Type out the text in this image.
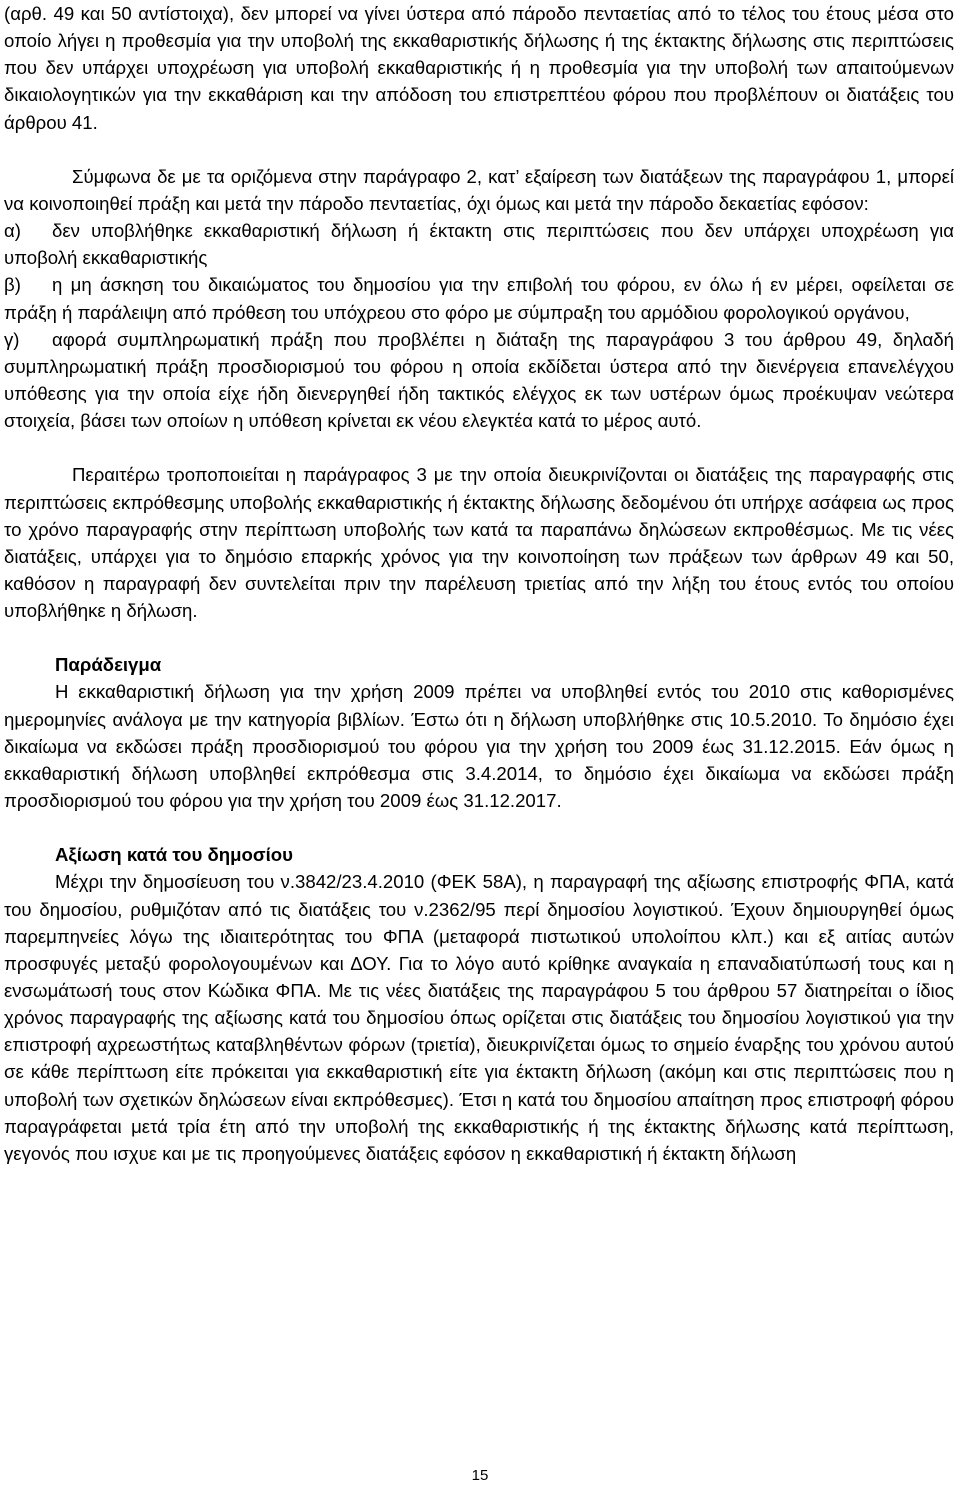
(αρθ. 49 και 50 αντίστοιχα), δεν μπορεί να γίνει ύστερα από πάροδο πενταετίας από το τέλος του έτους μέσα στο οποίο λήγει η προθεσμία για την υποβολή της εκκαθαριστικής δήλωσης ή της έκτακτης δήλωσης στις περιπτώσεις που δεν υπάρχει υποχρέωση για υποβολή εκκαθαριστικής ή η προθεσμία για την υποβολή των απαιτούμενων δικαιολογητικών για την εκκαθάριση και την απόδοση του επιστρεπτέου φόρου που προβλέπουν οι διατάξεις του άρθρου 41.

Σύμφωνα δε με τα οριζόμενα στην παράγραφο 2, κατ’ εξαίρεση των διατάξεων της παραγράφου 1, μπορεί να κοινοποιηθεί πράξη και μετά την πάροδο πενταετίας, όχι όμως και μετά την πάροδο δεκαετίας εφόσον:

α) δεν υποβλήθηκε εκκαθαριστική δήλωση ή έκτακτη στις περιπτώσεις που δεν υπάρχει υποχρέωση για υποβολή εκκαθαριστικής

β) η μη άσκηση του δικαιώματος του δημοσίου για την επιβολή του φόρου, εν όλω ή εν μέρει, οφείλεται σε πράξη ή παράλειψη από πρόθεση του υπόχρεου στο φόρο με σύμπραξη του αρμόδιου φορολογικού οργάνου,

γ) αφορά συμπληρωματική πράξη που προβλέπει η διάταξη της παραγράφου 3 του άρθρου 49, δηλαδή συμπληρωματική πράξη προσδιορισμού του φόρου η οποία εκδίδεται ύστερα από την διενέργεια επανελέγχου υπόθεσης για την οποία είχε ήδη διενεργηθεί ήδη τακτικός ελέγχος εκ των υστέρων όμως προέκυψαν νεώτερα στοιχεία, βάσει των οποίων η υπόθεση κρίνεται εκ νέου ελεγκτέα κατά το μέρος αυτό.

Περαιτέρω τροποποιείται η παράγραφος 3 με την οποία διευκρινίζονται οι διατάξεις της παραγραφής στις περιπτώσεις εκπρόθεσμης υποβολής εκκαθαριστικής ή έκτακτης δήλωσης δεδομένου ότι υπήρχε ασάφεια ως προς το χρόνο παραγραφής στην περίπτωση υποβολής των κατά τα παραπάνω δηλώσεων εκπροθέσμως. Με τις νέες διατάξεις, υπάρχει για το δημόσιο επαρκής χρόνος για την κοινοποίηση των πράξεων των άρθρων 49 και 50, καθόσον η παραγραφή δεν συντελείται πριν την παρέλευση τριετίας από την λήξη του έτους εντός του οποίου υποβλήθηκε η δήλωση.

Παράδειγμα

Η εκκαθαριστική δήλωση για την χρήση 2009 πρέπει να υποβληθεί εντός του 2010 στις καθορισμένες ημερομηνίες ανάλογα με την κατηγορία βιβλίων. Έστω ότι η δήλωση υποβλήθηκε στις 10.5.2010. Το δημόσιο έχει δικαίωμα να εκδώσει πράξη προσδιορισμού του φόρου για την χρήση του 2009 έως 31.12.2015. Εάν όμως η εκκαθαριστική δήλωση υποβληθεί εκπρόθεσμα στις 3.4.2014, το δημόσιο έχει δικαίωμα να εκδώσει πράξη προσδιορισμού του φόρου για την χρήση του 2009 έως 31.12.2017.

Αξίωση κατά του δημοσίου

Μέχρι την δημοσίευση του ν.3842/23.4.2010 (ΦΕΚ 58Α), η παραγραφή της αξίωσης επιστροφής ΦΠΑ, κατά του δημοσίου, ρυθμιζόταν από τις διατάξεις του ν.2362/95 περί δημοσίου λογιστικού. Έχουν δημιουργηθεί όμως παρεμπηνείες λόγω της ιδιαιτερότητας του ΦΠΑ (μεταφορά πιστωτικού υπολοίπου κλπ.) και εξ αιτίας αυτών προσφυγές μεταξύ φορολογουμένων και ΔΟΥ. Για το λόγο αυτό κρίθηκε αναγκαία η επαναδιατύπωσή τους και η ενσωμάτωσή τους στον Κώδικα ΦΠΑ. Με τις νέες διατάξεις της παραγράφου 5 του άρθρου 57 διατηρείται ο ίδιος χρόνος παραγραφής της αξίωσης κατά του δημοσίου όπως ορίζεται στις διατάξεις του δημοσίου λογιστικού για την επιστροφή αχρεωστήτως καταβληθέντων φόρων (τριετία), διευκρινίζεται όμως το σημείο έναρξης του χρόνου αυτού σε κάθε περίπτωση είτε πρόκειται για εκκαθαριστική είτε για έκτακτη δήλωση (ακόμη και στις περιπτώσεις που η υποβολή των σχετικών δηλώσεων είναι εκπρόθεσμες). Έτσι η κατά του δημοσίου απαίτηση προς επιστροφή φόρου παραγράφεται μετά τρία έτη από την υποβολή της εκκαθαριστικής ή της έκτακτης δήλωσης κατά περίπτωση, γεγονός που ισχυε και με τις προηγούμενες διατάξεις εφόσον η εκκαθαριστική ή έκτακτη δήλωση

15
